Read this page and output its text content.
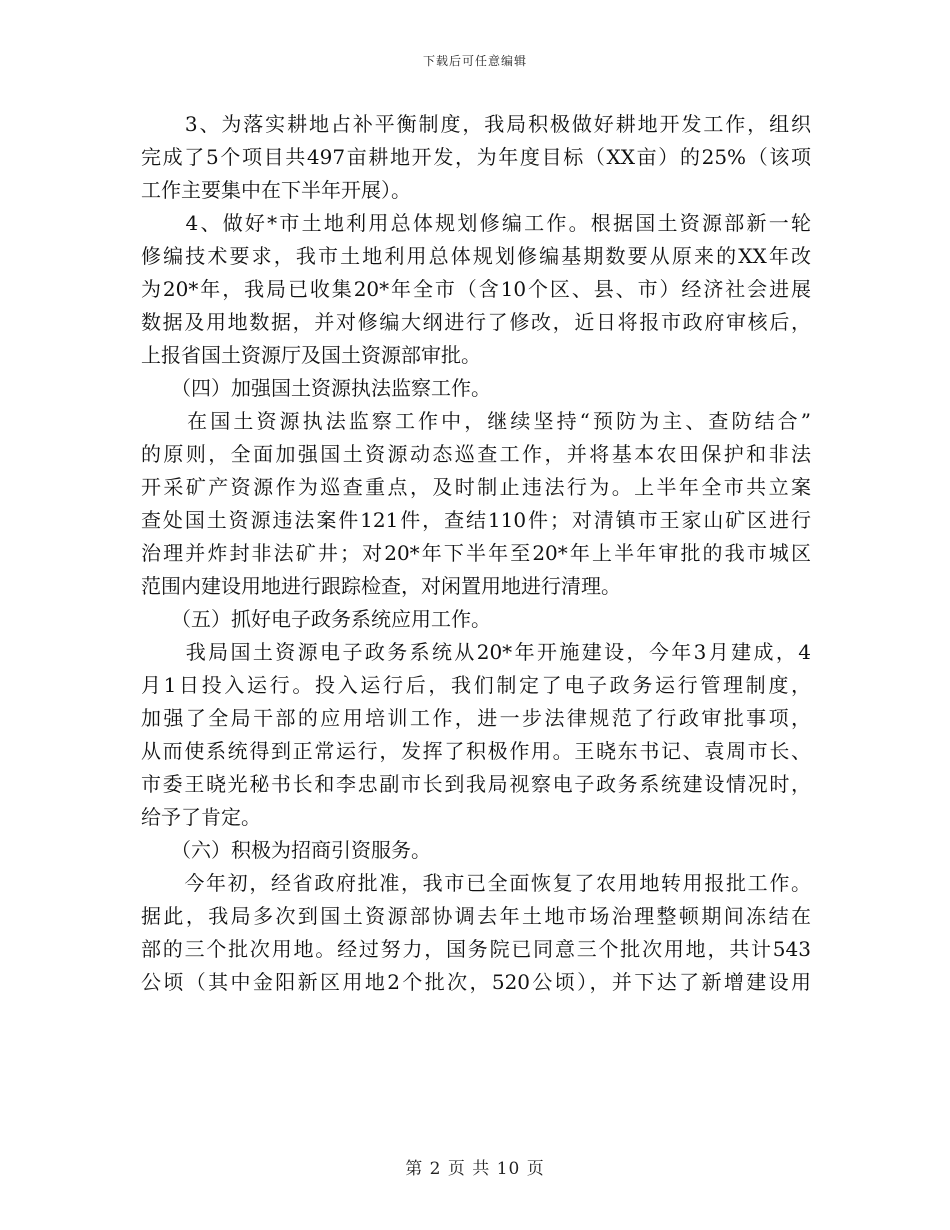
下载后可任意编辑
　　3、为落实耕地占补平衡制度，我局积极做好耕地开发工作，组织
完成了5个项目共497亩耕地开发，为年度目标（XX亩）的25%（该项
工作主要集中在下半年开展）。
　　4、做好*市土地利用总体规划修编工作。根据国土资源部新一轮
修编技术要求，我市土地利用总体规划修编基期数要从原来的XX年改
为20*年，我局已收集20*年全市（含10个区、县、市）经济社会进展
数据及用地数据，并对修编大纲进行了修改，近日将报市政府审核后，
上报省国土资源厅及国土资源部审批。
　　（四）加强国土资源执法监察工作。
　　在国土资源执法监察工作中，继续坚持“预防为主、查防结合”
的原则，全面加强国土资源动态巡查工作，并将基本农田保护和非法
开采矿产资源作为巡查重点，及时制止违法行为。上半年全市共立案
查处国土资源违法案件121件，查结110件；对清镇市王家山矿区进行
治理并炸封非法矿井；对20*年下半年至20*年上半年审批的我市城区
范围内建设用地进行跟踪检查，对闲置用地进行清理。
　　（五）抓好电子政务系统应用工作。
　　我局国土资源电子政务系统从20*年开施建设，今年3月建成，4
月1日投入运行。投入运行后，我们制定了电子政务运行管理制度，
加强了全局干部的应用培训工作，进一步法律规范了行政审批事项，
从而使系统得到正常运行，发挥了积极作用。王晓东书记、袁周市长、
市委王晓光秘书长和李忠副市长到我局视察电子政务系统建设情况时，
给予了肯定。
　　（六）积极为招商引资服务。
　　今年初，经省政府批准，我市已全面恢复了农用地转用报批工作。
据此，我局多次到国土资源部协调去年土地市场治理整顿期间冻结在
部的三个批次用地。经过努力，国务院已同意三个批次用地，共计543
公顷（其中金阳新区用地2个批次，520公顷），并下达了新增建设用
第 2 页 共 10 页
